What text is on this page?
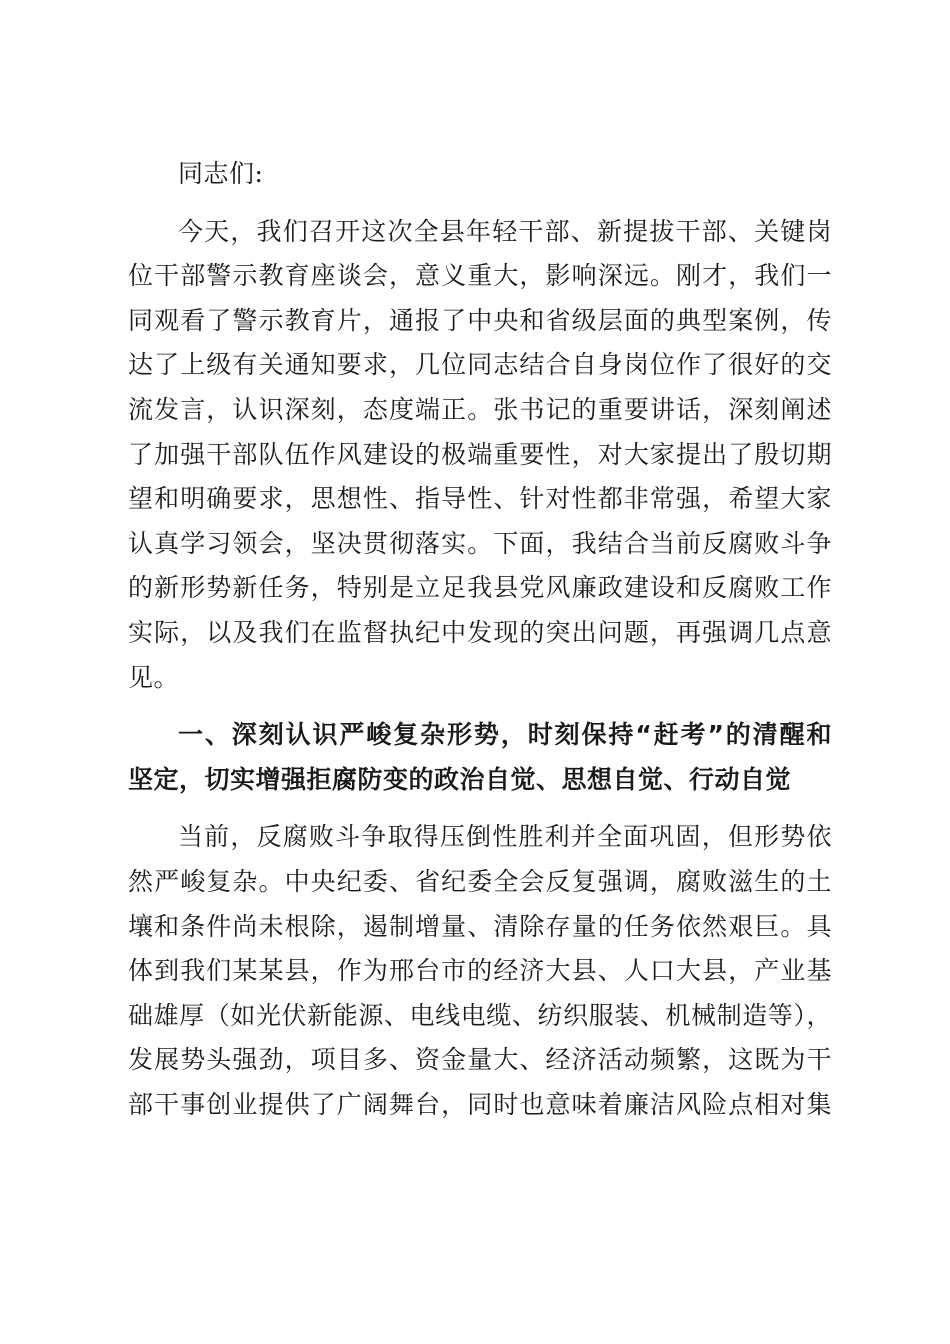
同志们:
今天，我们召开这次全县年轻干部、新提拔干部、关键岗
位干部警示教育座谈会，意义重大，影响深远。刚才，我们一
同观看了警示教育片，通报了中央和省级层面的典型案例，传
达了上级有关通知要求，几位同志结合自身岗位作了很好的交
流发言，认识深刻，态度端正。张书记的重要讲话，深刻阐述
了加强干部队伍作风建设的极端重要性，对大家提出了殷切期
望和明确要求，思想性、指导性、针对性都非常强，希望大家
认真学习领会，坚决贯彻落实。下面，我结合当前反腐败斗争
的新形势新任务，特别是立足我县党风廉政建设和反腐败工作
实际，以及我们在监督执纪中发现的突出问题，再强调几点意
见。
一、深刻认识严峻复杂形势，时刻保持“赶考”的清醒和
坚定，切实增强拒腐防变的政治自觉、思想自觉、行动自觉
当前，反腐败斗争取得压倒性胜利并全面巩固，但形势依
然严峻复杂。中央纪委、省纪委全会反复强调，腐败滋生的土
壤和条件尚未根除，遏制增量、清除存量的任务依然艰巨。具
体到我们某某县，作为邢台市的经济大县、人口大县，产业基
础雄厚（如光伏新能源、电线电缆、纺织服装、机械制造等），
发展势头强劲，项目多、资金量大、经济活动频繁，这既为干
部干事创业提供了广阔舞台，同时也意味着廉洁风险点相对集
